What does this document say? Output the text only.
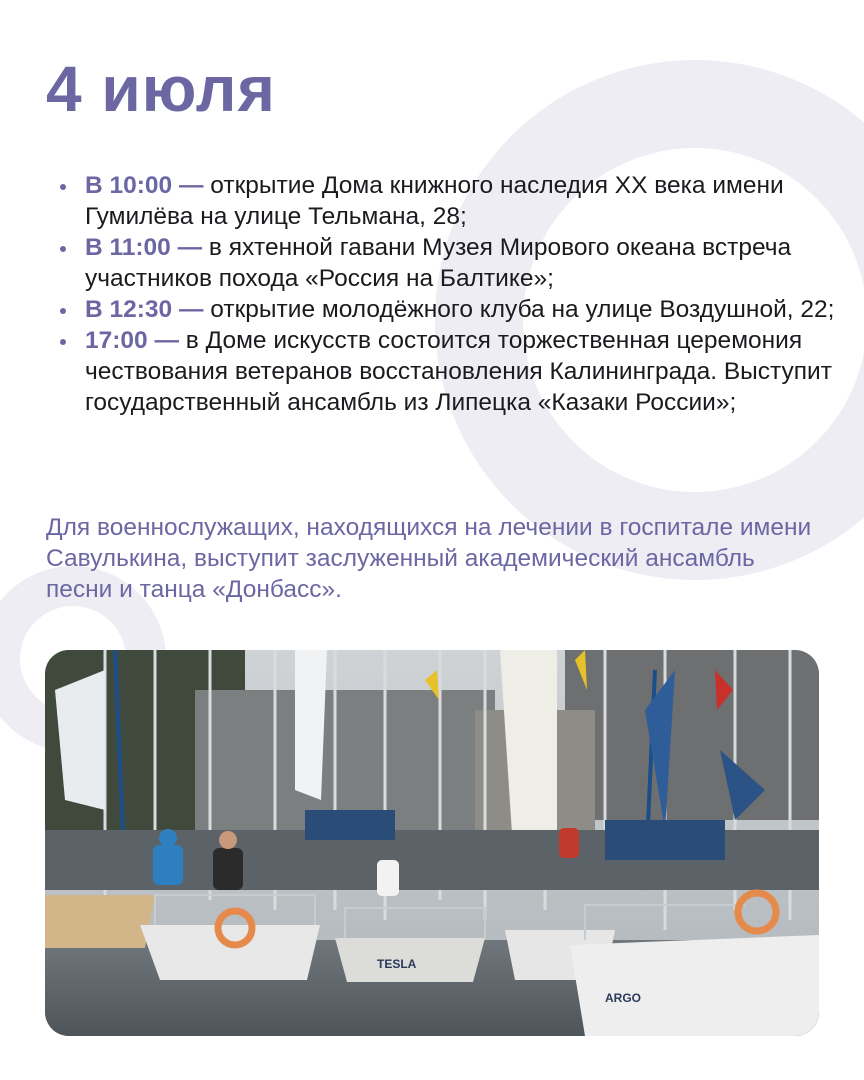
4 июля
В 10:00 — открытие Дома книжного наследия ХХ века имени Гумилёва на улице Тельмана, 28;
В 11:00 — в яхтенной гавани Музея Мирового океана встреча участников похода «Россия на Балтике»;
В 12:30 — открытие молодёжного клуба на улице Воздушной, 22;
17:00 — в Доме искусств состоится торжественная церемония чествования ветеранов восстановления Калининграда. Выступит государственный ансамбль из Липецка «Казаки России»;

Для военнослужащих, находящихся на лечении в госпитале имени Савулькина, выступит заслуженный академический ансамбль песни и танца «Донбасс».

TESLA
ARGO
